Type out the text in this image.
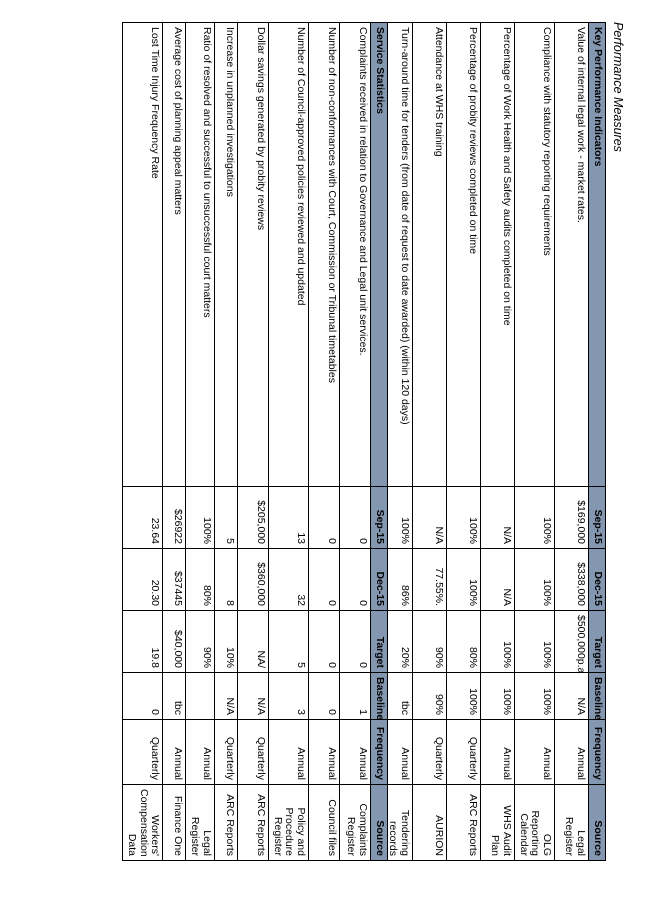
Performance Measures
Key Performance Indicators	Sep-15	Dec-15	Target	Baseline	Frequency	Source
Value of internal legal work - market rates.	$169,000	$338,000	$500,000p.a	N/A	Annual	Legal Register
Compliance with statutory reporting requirements	100%	100%	100%	100%	Annual	OLG Reporting Calendar
Percentage of Work Health and Safety audits completed on time	N/A	N/A	100%	100%	Annual	WHS Audit Plan
Percentage of probity reviews completed on time	100%	100%	80%	100%	Quarterly	ARC Reports
Attendance at WHS training	N/A	77.55%.	90%	90%	Quarterly	AURION
Turn-around time for tenders (from date of request to date awarded) (within 120 days)	100%	86%	20%	tbc	Annual	Tendering records
Service Statistics	Sep-15	Dec-15	Target	Baseline	Frequency	Source
Complaints received in relation to Governance and Legal unit services.	0	0	0	1	Annual	Complaints Register
Number of non-conformances with Court, Commission or Tribunal timetables	0	0	0	0	Annual	Council files
Number of Council-approved policies reviewed and updated	13	32	5	3	Annual	Policy and Procedure Register
Dollar savings generated by probity reviews	$205,000	$360,000	NA/	N/A	Quarterly	ARC Reports
Increase in unplanned investigations	5	8	10%	N/A	Quarterly	ARC Reports
Ratio of resolved and successful to unsuccessful court matters	100%	80%	90%		Annual	Legal Register
Average cost of planning appeal matters	$26922	$37445	$40,000	tbc	Annual	Finance One
Lost Time Injury Frequency Rate	23.64	20.30	19.8	0	Quarterly	Workers' Compensation Data
